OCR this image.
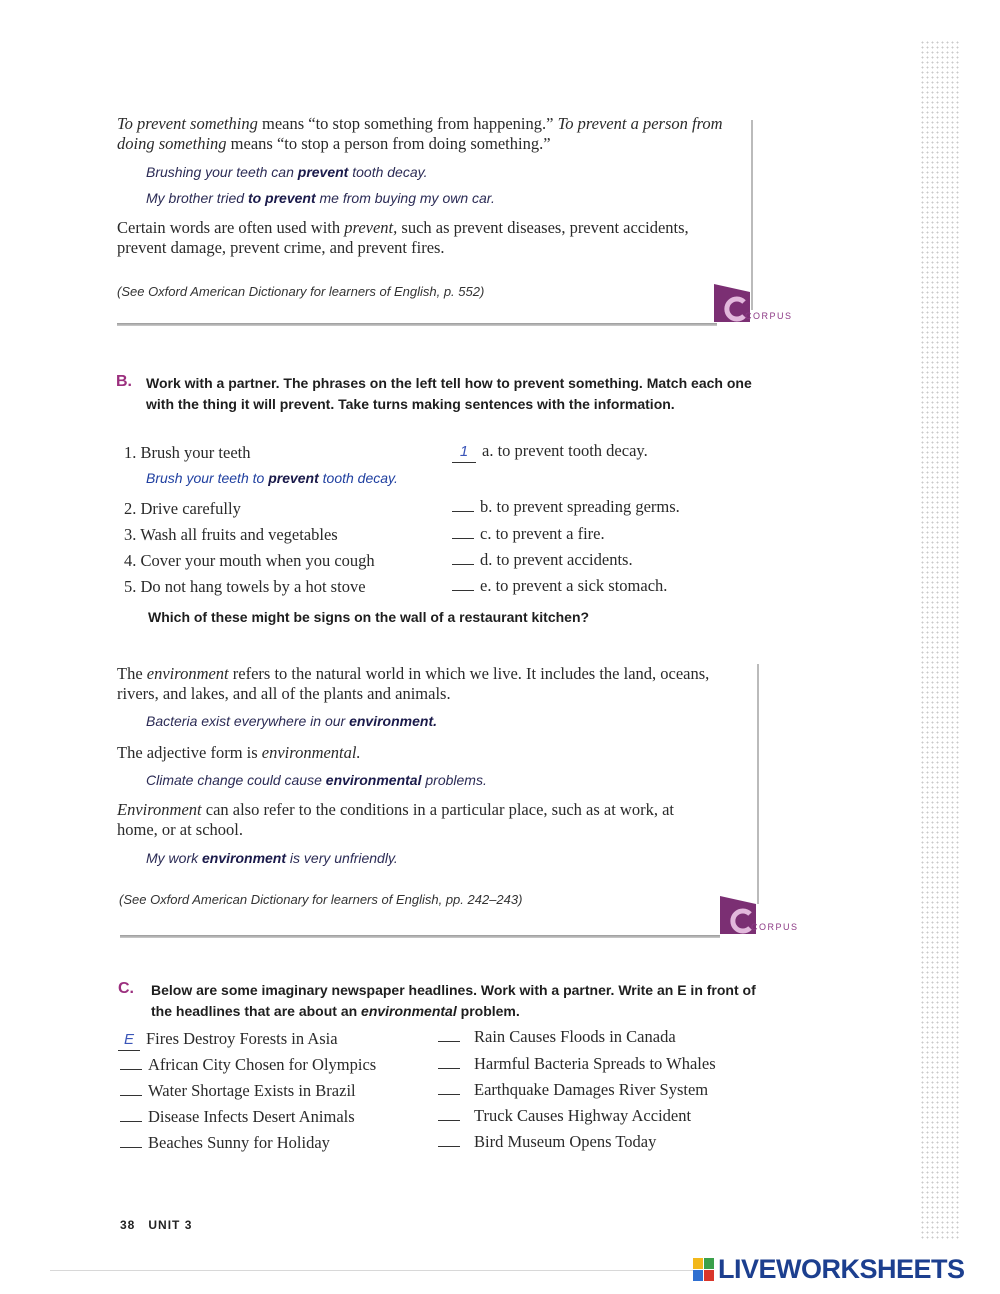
To prevent something means “to stop something from happening.” To prevent a person from doing something means “to stop a person from doing something.”
Brushing your teeth can prevent tooth decay.
My brother tried to prevent me from buying my own car.
Certain words are often used with prevent, such as prevent diseases, prevent accidents, prevent damage, prevent crime, and prevent fires.
(See Oxford American Dictionary for learners of English, p. 552)
CORPUS
B. Work with a partner. The phrases on the left tell how to prevent something. Match each one with the thing it will prevent. Take turns making sentences with the information.
1. Brush your teeth
Brush your teeth to prevent tooth decay.
2. Drive carefully
3. Wash all fruits and vegetables
4. Cover your mouth when you cough
5. Do not hang towels by a hot stove
1 a. to prevent tooth decay.
b. to prevent spreading germs.
c. to prevent a fire.
d. to prevent accidents.
e. to prevent a sick stomach.
Which of these might be signs on the wall of a restaurant kitchen?
The environment refers to the natural world in which we live. It includes the land, oceans, rivers, and lakes, and all of the plants and animals.
Bacteria exist everywhere in our environment.
The adjective form is environmental.
Climate change could cause environmental problems.
Environment can also refer to the conditions in a particular place, such as at work, at home, or at school.
My work environment is very unfriendly.
(See Oxford American Dictionary for learners of English, pp. 242–243)
CORPUS
C. Below are some imaginary newspaper headlines. Work with a partner. Write an E in front of the headlines that are about an environmental problem.
E Fires Destroy Forests in Asia
African City Chosen for Olympics
Water Shortage Exists in Brazil
Disease Infects Desert Animals
Beaches Sunny for Holiday
Rain Causes Floods in Canada
Harmful Bacteria Spreads to Whales
Earthquake Damages River System
Truck Causes Highway Accident
Bird Museum Opens Today
38 UNIT 3
LIVEWORKSHEETS
